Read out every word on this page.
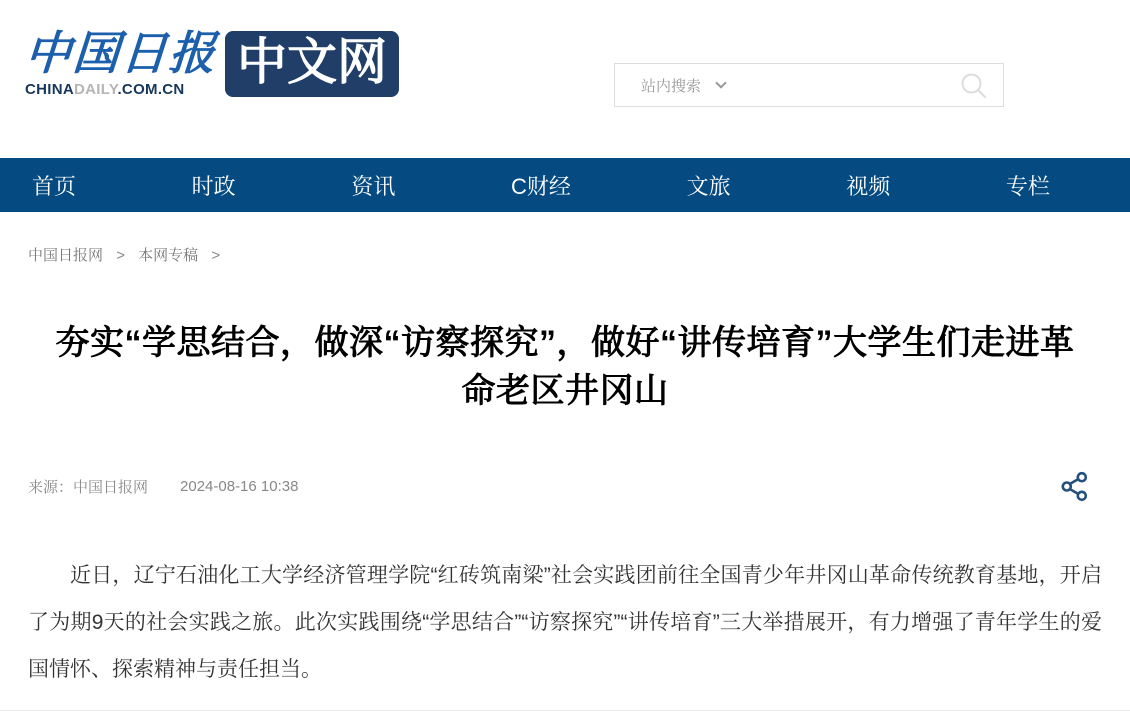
中国日报
CHINADAILY.COM.CN	中文网	站内搜索
首页	时政	资讯	C财经	文旅	视频	专栏
中国日报网 > 本网专稿 >
夯实“学思结合，做深“访察探究”，做好“讲传培育”大学生们走进革命老区井冈山
来源：中国日报网 2024-08-16 10:38

近日，辽宁石油化工大学经济管理学院“红砖筑南梁”社会实践团前往全国青少年井冈山革命传统教育基地，开启了为期9天的社会实践之旅。此次实践围绕“学思结合”“访察探究”“讲传培育”三大举措展开，有力增强了青年学生的爱国情怀、探索精神与责任担当。
